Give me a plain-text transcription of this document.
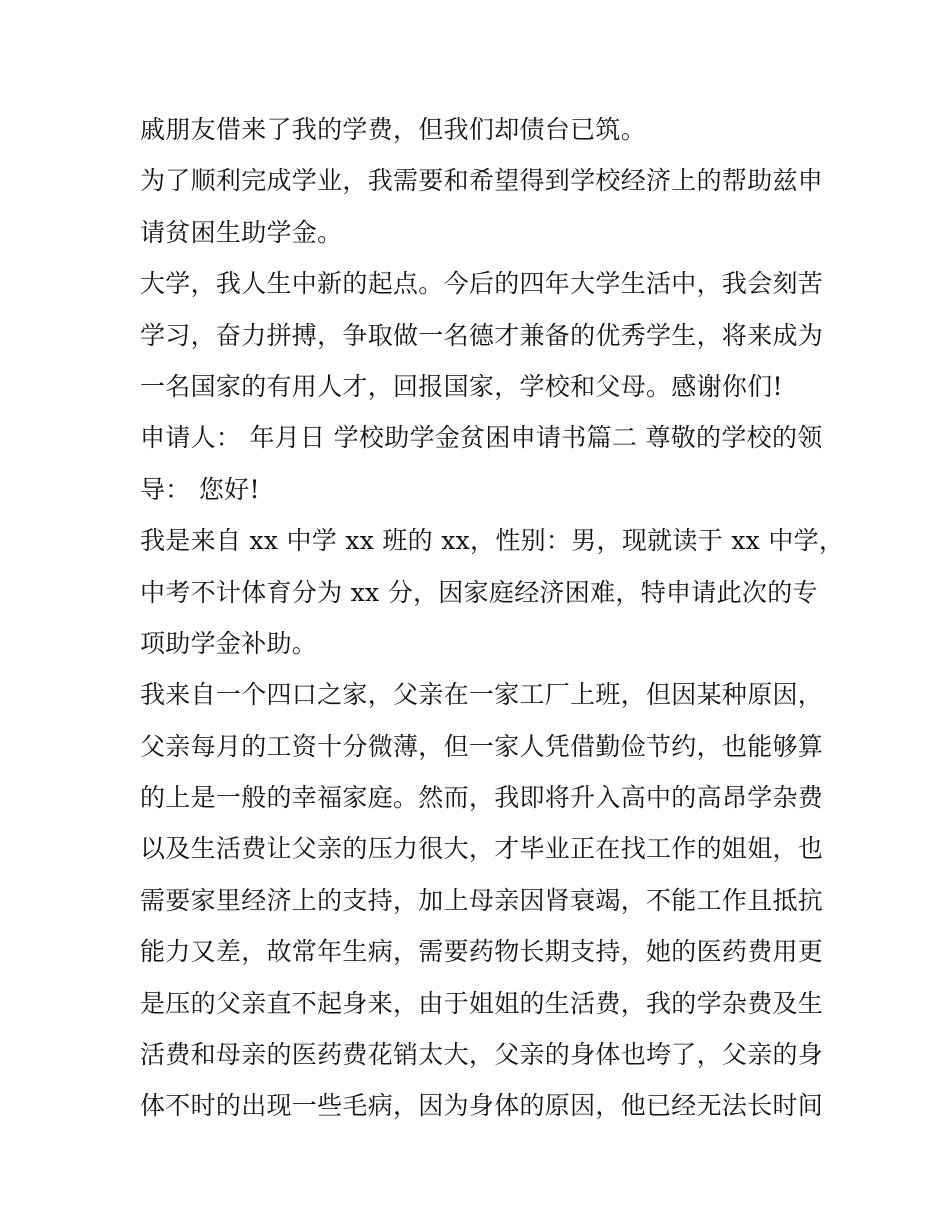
戚朋友借来了我的学费，但我们却债台已筑。
为了顺利完成学业，我需要和希望得到学校经济上的帮助兹申
请贫困生助学金。
大学，我人生中新的起点。今后的四年大学生活中，我会刻苦
学习，奋力拼搏，争取做一名德才兼备的优秀学生，将来成为
一名国家的有用人才，回报国家，学校和父母。感谢你们!
申请人： 年月日 学校助学金贫困申请书篇二 尊敬的学校的领
导： 您好!
我是来自 xx 中学 xx 班的 xx，性别：男，现就读于 xx 中学，
中考不计体育分为 xx 分，因家庭经济困难，特申请此次的专
项助学金补助。
我来自一个四口之家，父亲在一家工厂上班，但因某种原因，
父亲每月的工资十分微薄，但一家人凭借勤俭节约，也能够算
的上是一般的幸福家庭。然而，我即将升入高中的高昂学杂费
以及生活费让父亲的压力很大，才毕业正在找工作的姐姐，也
需要家里经济上的支持，加上母亲因肾衰竭，不能工作且抵抗
能力又差，故常年生病，需要药物长期支持，她的医药费用更
是压的父亲直不起身来，由于姐姐的生活费，我的学杂费及生
活费和母亲的医药费花销太大，父亲的身体也垮了，父亲的身
体不时的出现一些毛病，因为身体的原因，他已经无法长时间
